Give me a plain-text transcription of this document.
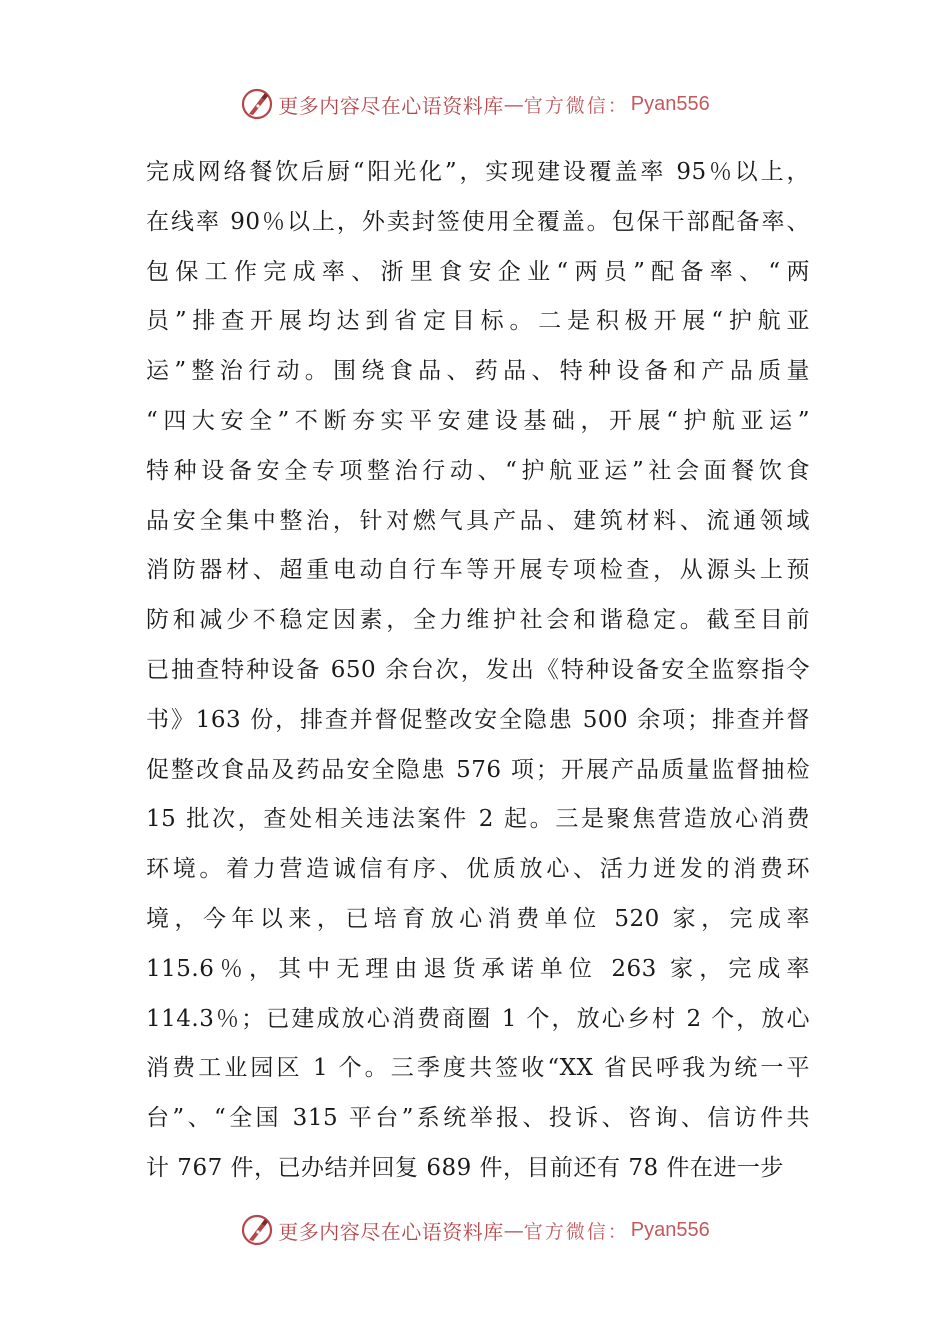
更多内容尽在心语资料库 — 官方微信： Pyan556
完成网络餐饮后厨“阳光化”，实现建设覆盖率 95％以上，
在线率 90％以上，外卖封签使用全覆盖。包保干部配备率、
包保工作完成率、浙里食安企业“两员”配备率、“两
员”排查开展均达到省定目标。二是积极开展“护航亚
运”整治行动。围绕食品、药品、特种设备和产品质量
“四大安全”不断夯实平安建设基础，开展“护航亚运”
特种设备安全专项整治行动、“护航亚运”社会面餐饮食
品安全集中整治，针对燃气具产品、建筑材料、流通领域
消防器材、超重电动自行车等开展专项检查，从源头上预
防和减少不稳定因素，全力维护社会和谐稳定。截至目前
已抽查特种设备 650 余台次，发出《特种设备安全监察指令
书》163 份，排查并督促整改安全隐患 500 余项；排查并督
促整改食品及药品安全隐患 576 项；开展产品质量监督抽检
15 批次，查处相关违法案件 2 起。三是聚焦营造放心消费
环境。着力营造诚信有序、优质放心、活力迸发的消费环
境，今年以来，已培育放心消费单位 520 家，完成率
115.6％，其中无理由退货承诺单位 263 家，完成率
114.3％；已建成放心消费商圈 1 个，放心乡村 2 个，放心
消费工业园区 1 个。三季度共签收“XX 省民呼我为统一平
台”、“全国 315 平台”系统举报、投诉、咨询、信访件共
计 767 件，已办结并回复 689 件，目前还有 78 件在进一步
更多内容尽在心语资料库 — 官方微信： Pyan556
